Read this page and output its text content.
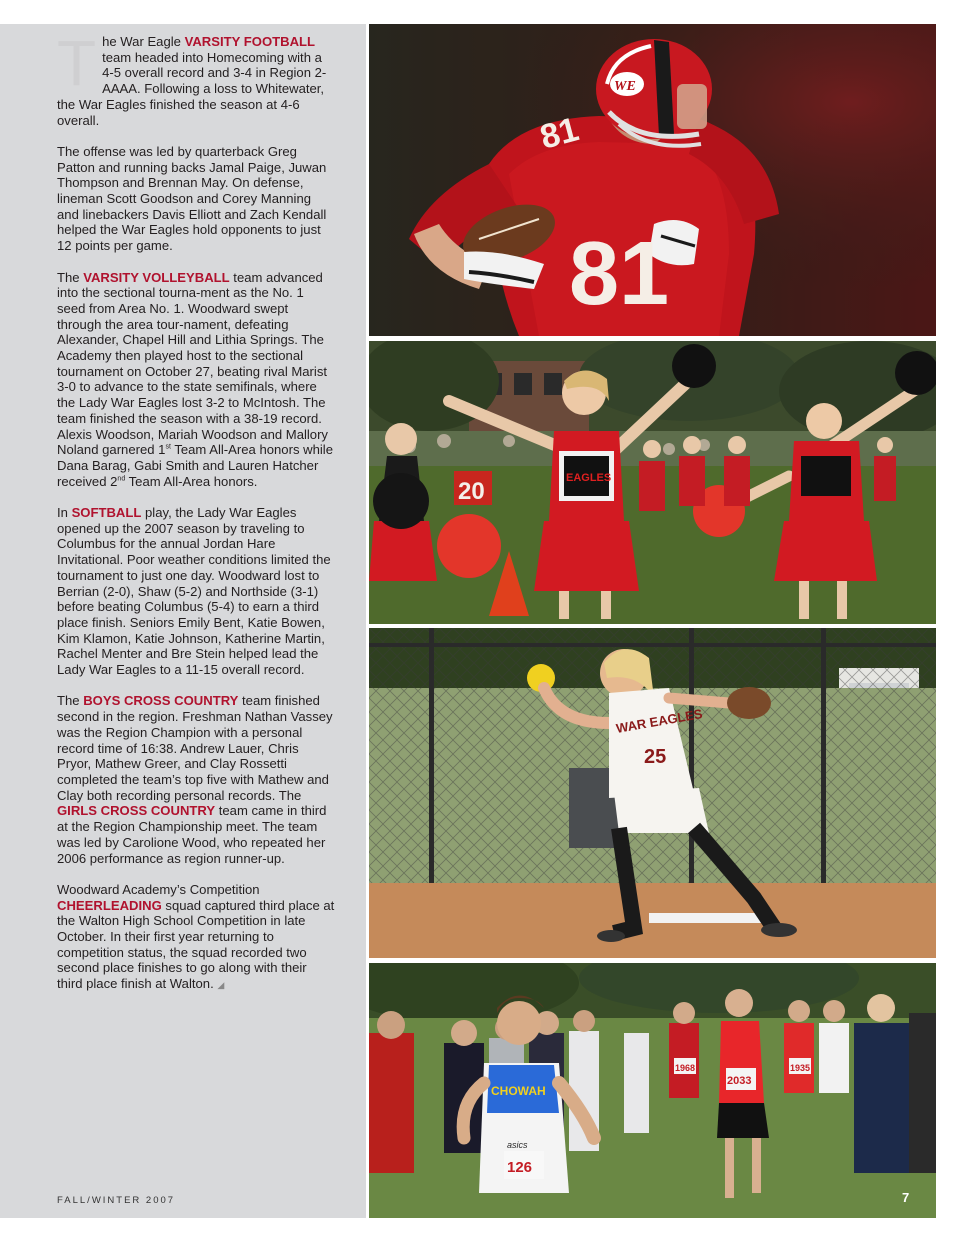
The War Eagle VARSITY FOOTBALL team headed into Homecoming with a 4-5 overall record and 3-4 in Region 2-AAAA. Following a loss to Whitewater, the War Eagles finished the season at 4-6 overall.

The offense was led by quarterback Greg Patton and running backs Jamal Paige, Juwan Thompson and Brennan May. On defense, lineman Scott Goodson and Corey Manning and linebackers Davis Elliott and Zach Kendall helped the War Eagles hold opponents to just 12 points per game.

The VARSITY VOLLEYBALL team advanced into the sectional tourna-ment as the No. 1 seed from Area No. 1. Woodward swept through the area tour-nament, defeating Alexander, Chapel Hill and Lithia Springs. The Academy then played host to the sectional tournament on October 27, beating rival Marist 3-0 to advance to the state semifinals, where the Lady War Eagles lost 3-2 to McIntosh. The team finished the season with a 38-19 record. Alexis Woodson, Mariah Woodson and Mallory Noland garnered 1st Team All-Area honors while Dana Barag, Gabi Smith and Lauren Hatcher received 2nd Team All-Area honors.

In SOFTBALL play, the Lady War Eagles opened up the 2007 season by traveling to Columbus for the annual Jordan Hare Invitational. Poor weather conditions limited the tournament to just one day. Woodward lost to Berrian (2-0), Shaw (5-2) and Northside (3-1) before beating Columbus (5-4) to earn a third place finish. Seniors Emily Bent, Katie Bowen, Kim Klamon, Katie Johnson, Katherine Martin, Rachel Menter and Bre Stein helped lead the Lady War Eagles to a 11-15 overall record.

The BOYS CROSS COUNTRY team finished second in the region. Freshman Nathan Vassey was the Region Champion with a personal record time of 16:38. Andrew Lauer, Chris Pryor, Mathew Greer, and Clay Rossetti completed the team’s top five with Mathew and Clay both recording personal records. The GIRLS CROSS COUNTRY team came in third at the Region Championship meet. The team was led by Carolione Wood, who repeated her 2006 performance as region runner-up.

Woodward Academy’s Competition CHEERLEADING squad captured third place at the Walton High School Competition in late October. In their first year returning to competition status, the squad recorded two second place finishes to go along with their third place finish at Walton. ◢

FALL/WINTER 2007
81
81
WE
20	EAGLES
WAR EAGLES
25
1968	1935
2033
CHOWAH
asics
126
7
